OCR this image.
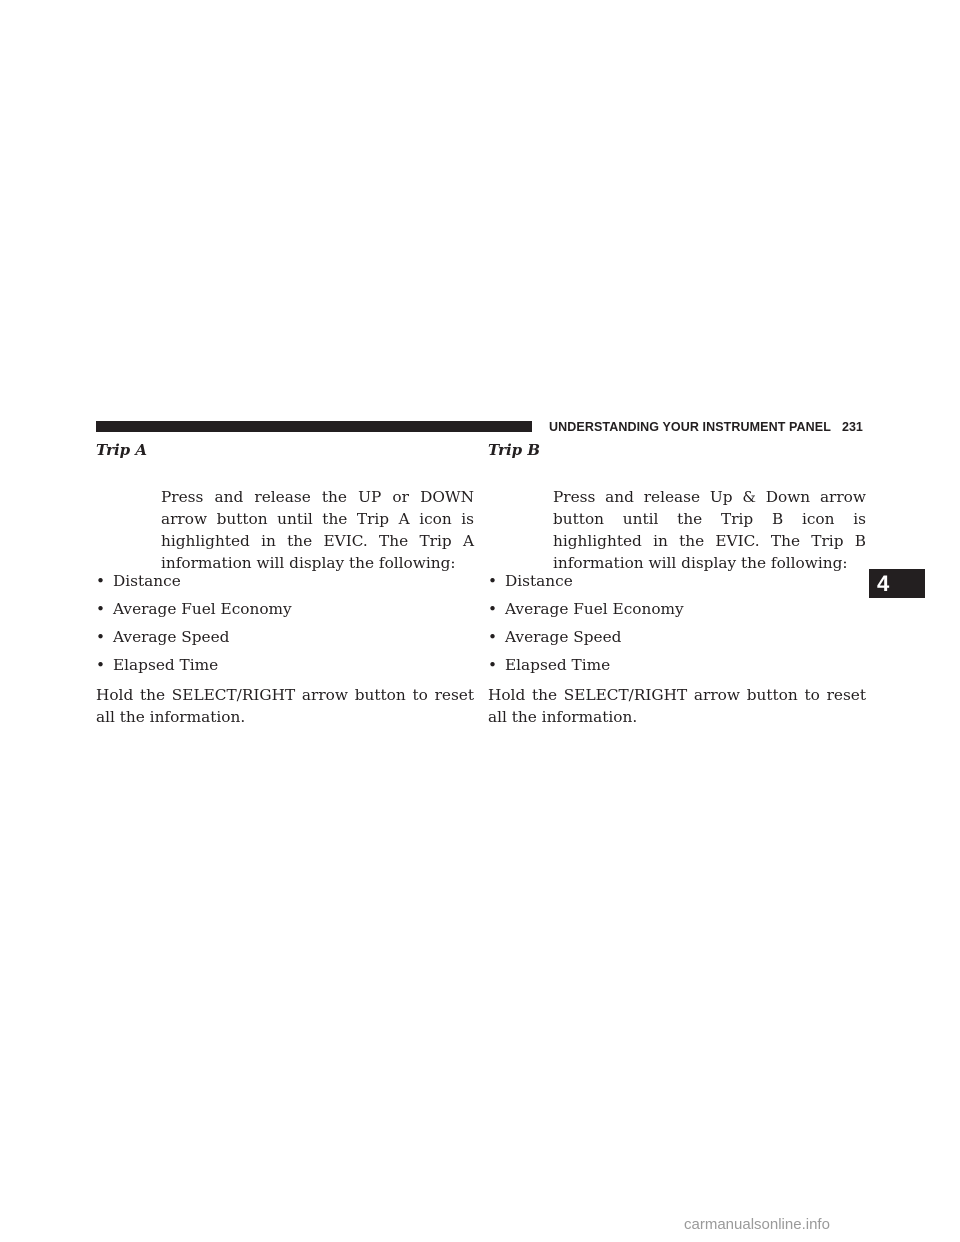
UNDERSTANDING YOUR INSTRUMENT PANEL 231
4
Trip A
Press and release the UP or DOWN arrow button until the Trip A icon is highlighted in the EVIC. The Trip A information will display the following:
• Distance
• Average Fuel Economy
• Average Speed
• Elapsed Time
Hold the SELECT/RIGHT arrow button to reset all the information.
Trip B
Press and release Up & Down arrow button until the Trip B icon is highlighted in the EVIC. The Trip B information will display the following:
• Distance
• Average Fuel Economy
• Average Speed
• Elapsed Time
Hold the SELECT/RIGHT arrow button to reset all the information.
carmanualsonline.info
